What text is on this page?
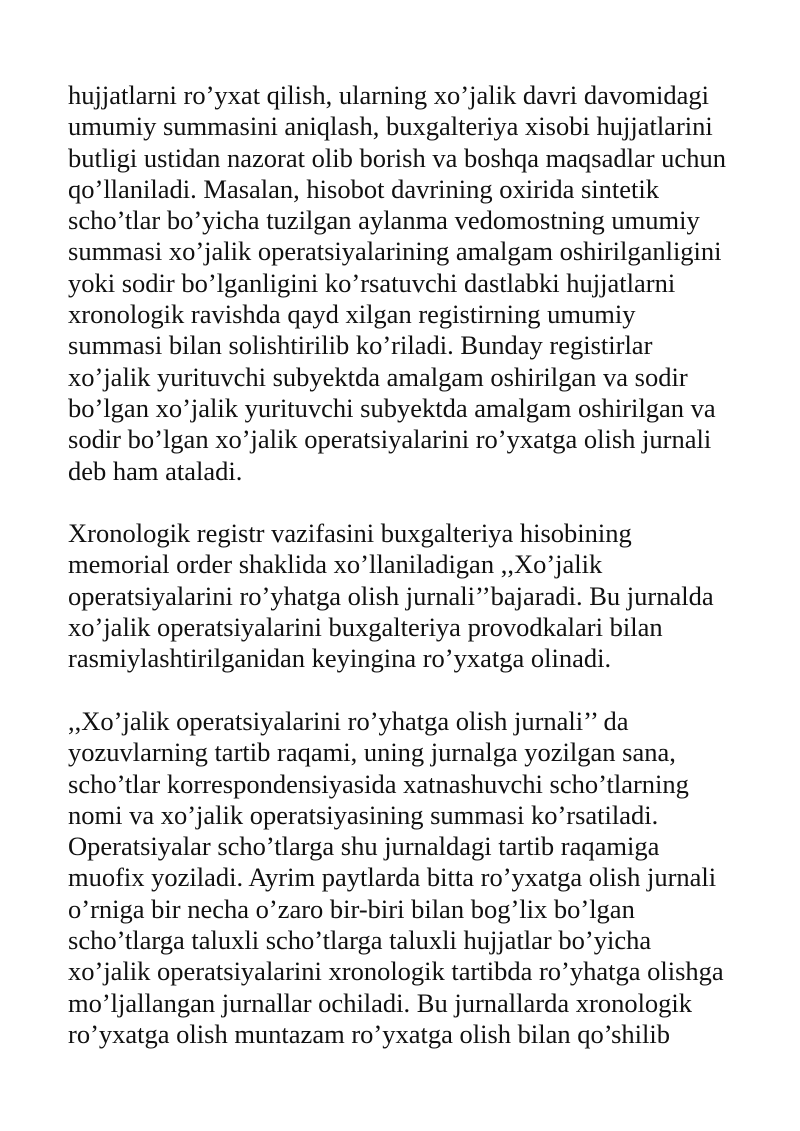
hujjatlarni ro’yxat qilish, ularning xo’jalik davri davomidagi
umumiy summasini aniqlash, buxgalteriya xisobi hujjatlarini
butligi ustidan nazorat olib borish va boshqa maqsadlar uchun
qo’llaniladi. Masalan, hisobot davrining oxirida sintetik
scho’tlar bo’yicha tuzilgan aylanma vedomostning umumiy
summasi xo’jalik operatsiyalarining amalgam oshirilganligini
yoki sodir bo’lganligini ko’rsatuvchi dastlabki hujjatlarni
xronologik ravishda qayd xilgan registirning umumiy
summasi bilan solishtirilib ko’riladi. Bunday registirlar
xo’jalik yurituvchi subyektda amalgam oshirilgan va sodir
bo’lgan xo’jalik yurituvchi subyektda amalgam oshirilgan va
sodir bo’lgan xo’jalik operatsiyalarini ro’yxatga olish jurnali
deb ham ataladi.

Xronologik registr vazifasini buxgalteriya hisobining
memorial order shaklida xo’llaniladigan ,,Xo’jalik
operatsiyalarini ro’yhatga olish jurnali’’bajaradi. Bu jurnalda
xo’jalik operatsiyalarini buxgalteriya provodkalari bilan
rasmiylashtirilganidan keyingina ro’yxatga olinadi.

,,Xo’jalik operatsiyalarini ro’yhatga olish jurnali’’ da
yozuvlarning tartib raqami, uning jurnalga yozilgan sana,
scho’tlar korrespondensiyasida xatnashuvchi scho’tlarning
nomi va xo’jalik operatsiyasining summasi ko’rsatiladi.
Operatsiyalar scho’tlarga shu jurnaldagi tartib raqamiga
muofix yoziladi. Ayrim paytlarda bitta ro’yxatga olish jurnali
o’rniga bir necha o’zaro bir-biri bilan bog’lix bo’lgan
scho’tlarga taluxli scho’tlarga taluxli hujjatlar bo’yicha
xo’jalik operatsiyalarini xronologik tartibda ro’yhatga olishga
mo’ljallangan jurnallar ochiladi. Bu jurnallarda xronologik
ro’yxatga olish muntazam ro’yxatga olish bilan qo’shilib
